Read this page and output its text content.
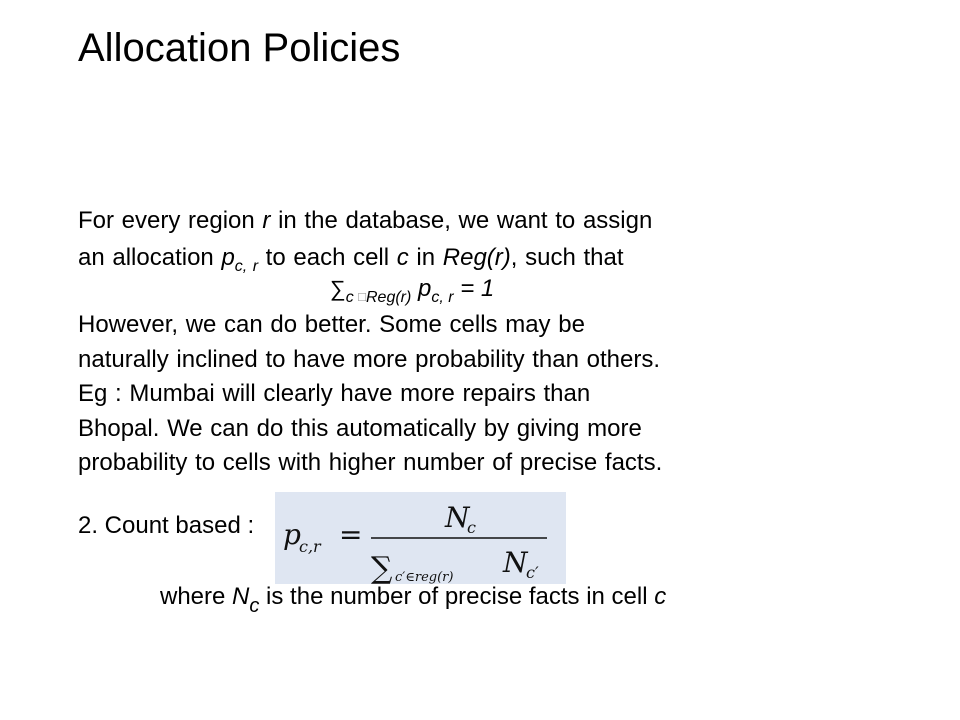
Allocation Policies
For every region r in the database, we want to assign
an allocation $p_{c, r}$ to each cell c in Reg(r), such that
$\sum_{c □Reg(r)}$ $p_{c, r} = 1$
However, we can do better. Some cells may be
naturally inclined to have more probability than others.
Eg : Mumbai will clearly have more repairs than
Bhopal. We can do this automatically by giving more
probability to cells with higher number of precise facts.
p
c,r =
N
c
∑ c′∈reg(r) N
c′
2. Count based :
where $N_c$ is the number of precise facts in cell c
